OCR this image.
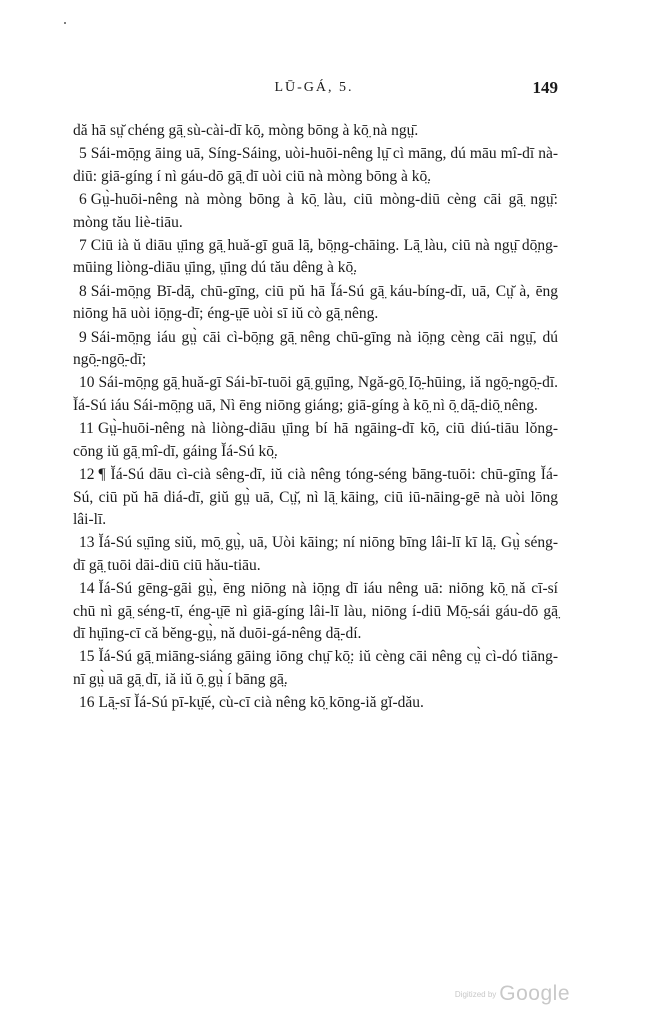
LŪ-GÁ, 5.	149

dă hā sṳ̆ chéng gā̤ sù-cài-dī kō̤, mòng bōng à kō̤ nà ngṳ̄.

5 Sái-mō̤ng āing uā, Síng-Sáing, uòi-huōi-nêng lṳ̄ cì māng, dú māu mî-dī nà-diū: giā-gíng í nì gáu-dō gā̤ dī uòi ciū nà mòng bōng à kō̤.

6 Gṳ̀-huōi-nêng nà mòng bōng à kō̤ làu, ciū mòng-diū cèng cāi gā̤ ngṳ̄: mòng tău liè-tiāu.

7 Ciū ià ŭ diāu ṳ̄ing gā̤ huă-gī guā lā̤, bō̤ng-chāing. Lā̤ làu, ciū nà ngṳ̄ dō̤ng-mūing liòng-diāu ṳ̄ing, ṳ̄ing dú tău dêng à kō̤.

8 Sái-mō̤ng Bī-dā̤, chū-gīng, ciū pŭ hā Ĭá-Sú gā̤ káu-bíng-dī, uā, Cṳ̆ à, ēng niōng hā uòi iō̤ng-dī; éng-ṳ̄ē uòi sī iŭ cò gā̤ nêng.

9 Sái-mō̤ng iáu gṳ̀ cāi cì-bō̤ng gā̤ nêng chū-gīng nà iō̤ng cèng cāi ngṳ̄, dú ngō̤-ngō̤-dī;

10 Sái-mō̤ng gā̤ huă-gī Sái-bī-tuōi gā̤ gṳ̄ing, Ngă-gō̤ Iō̤-hūing, iă ngō̤-ngō̤-dī. Ĭá-Sú iáu Sái-mō̤ng uā, Nì ēng niōng giáng; giā-gíng à kō̤ nì ō̤ dā̤-diō̤ nêng.

11 Gṳ̀-huōi-nêng nà liòng-diāu ṳ̄ing bí hā ngāing-dī kō̤, ciū diú-tiāu lŏng-cōng iŭ gā̤ mî-dī, gáing Ĭá-Sú kō̤.

12 ¶ Ĭá-Sú dāu cì-cià sêng-dī, iŭ cià nêng tóng-séng bāng-tuōi: chū-gīng Ĭá-Sú, ciū pŭ hā diá-dī, giŭ gṳ̀ uā, Cṳ̆, nì lā̤ kāing, ciū iū-nāing-gē nà uòi lōng lâi-lī.

13 Ĭá-Sú sṳ̄ing siŭ, mō̤ gṳ̀, uā, Uòi kāing; ní niōng bīng lâi-lī kī lā̤. Gṳ̀ séng-dī gā̤ tuōi dāi-diū ciū hău-tiāu.

14 Ĭá-Sú gēng-gāi gṳ̀, ēng niōng nà iō̤ng dī iáu nêng uā: niōng kō̤ nă cī-sí chū nì gā̤ séng-tī, éng-ṳ̄ē nì giā-gíng lâi-lī làu, niōng í-diū Mō̤-sái gáu-dō gā̤ dī hṳ̄ing-cī că bĕng-gṳ̀, nă duōi-gá-nêng dā̤-dí.

15 Ĭá-Sú gā̤ miāng-siáng gāing iōng chṳ̄ kō̤: iŭ cèng cāi nêng cṳ̀ cì-dó tiāng-nī gṳ̀ uā gā̤ dī, iă iŭ ō̤ gṳ̀ í bāng gā̤.

16 Lā̤-sī Ĭá-Sú pī-kṳ̄é, cù-cī cià nêng kō̤ kōng-iă gĭ-dău.

Digitized by Google
